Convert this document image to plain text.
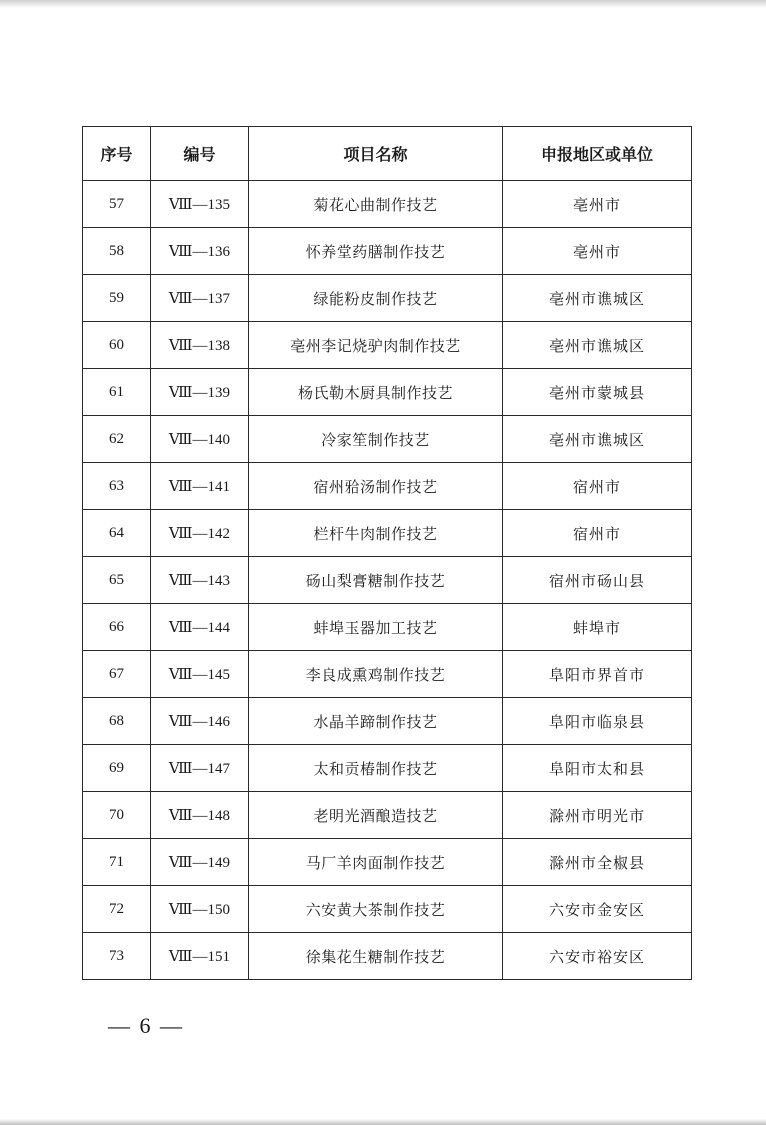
序号	编号	项目名称	申报地区或单位
57	Ⅷ—135	菊花心曲制作技艺	亳州市
58	Ⅷ—136	怀养堂药膳制作技艺	亳州市
59	Ⅷ—137	绿能粉皮制作技艺	亳州市谯城区
60	Ⅷ—138	亳州李记烧驴肉制作技艺	亳州市谯城区
61	Ⅷ—139	杨氏勒木厨具制作技艺	亳州市蒙城县
62	Ⅷ—140	冷家笙制作技艺	亳州市谯城区
63	Ⅷ—141	宿州𬌗汤制作技艺	宿州市
64	Ⅷ—142	栏杆牛肉制作技艺	宿州市
65	Ⅷ—143	砀山梨膏糖制作技艺	宿州市砀山县
66	Ⅷ—144	蚌埠玉器加工技艺	蚌埠市
67	Ⅷ—145	李良成熏鸡制作技艺	阜阳市界首市
68	Ⅷ—146	水晶羊蹄制作技艺	阜阳市临泉县
69	Ⅷ—147	太和贡椿制作技艺	阜阳市太和县
70	Ⅷ—148	老明光酒酿造技艺	滁州市明光市
71	Ⅷ—149	马厂羊肉面制作技艺	滁州市全椒县
72	Ⅷ—150	六安黄大茶制作技艺	六安市金安区
73	Ⅷ—151	徐集花生糖制作技艺	六安市裕安区
— 6 —
